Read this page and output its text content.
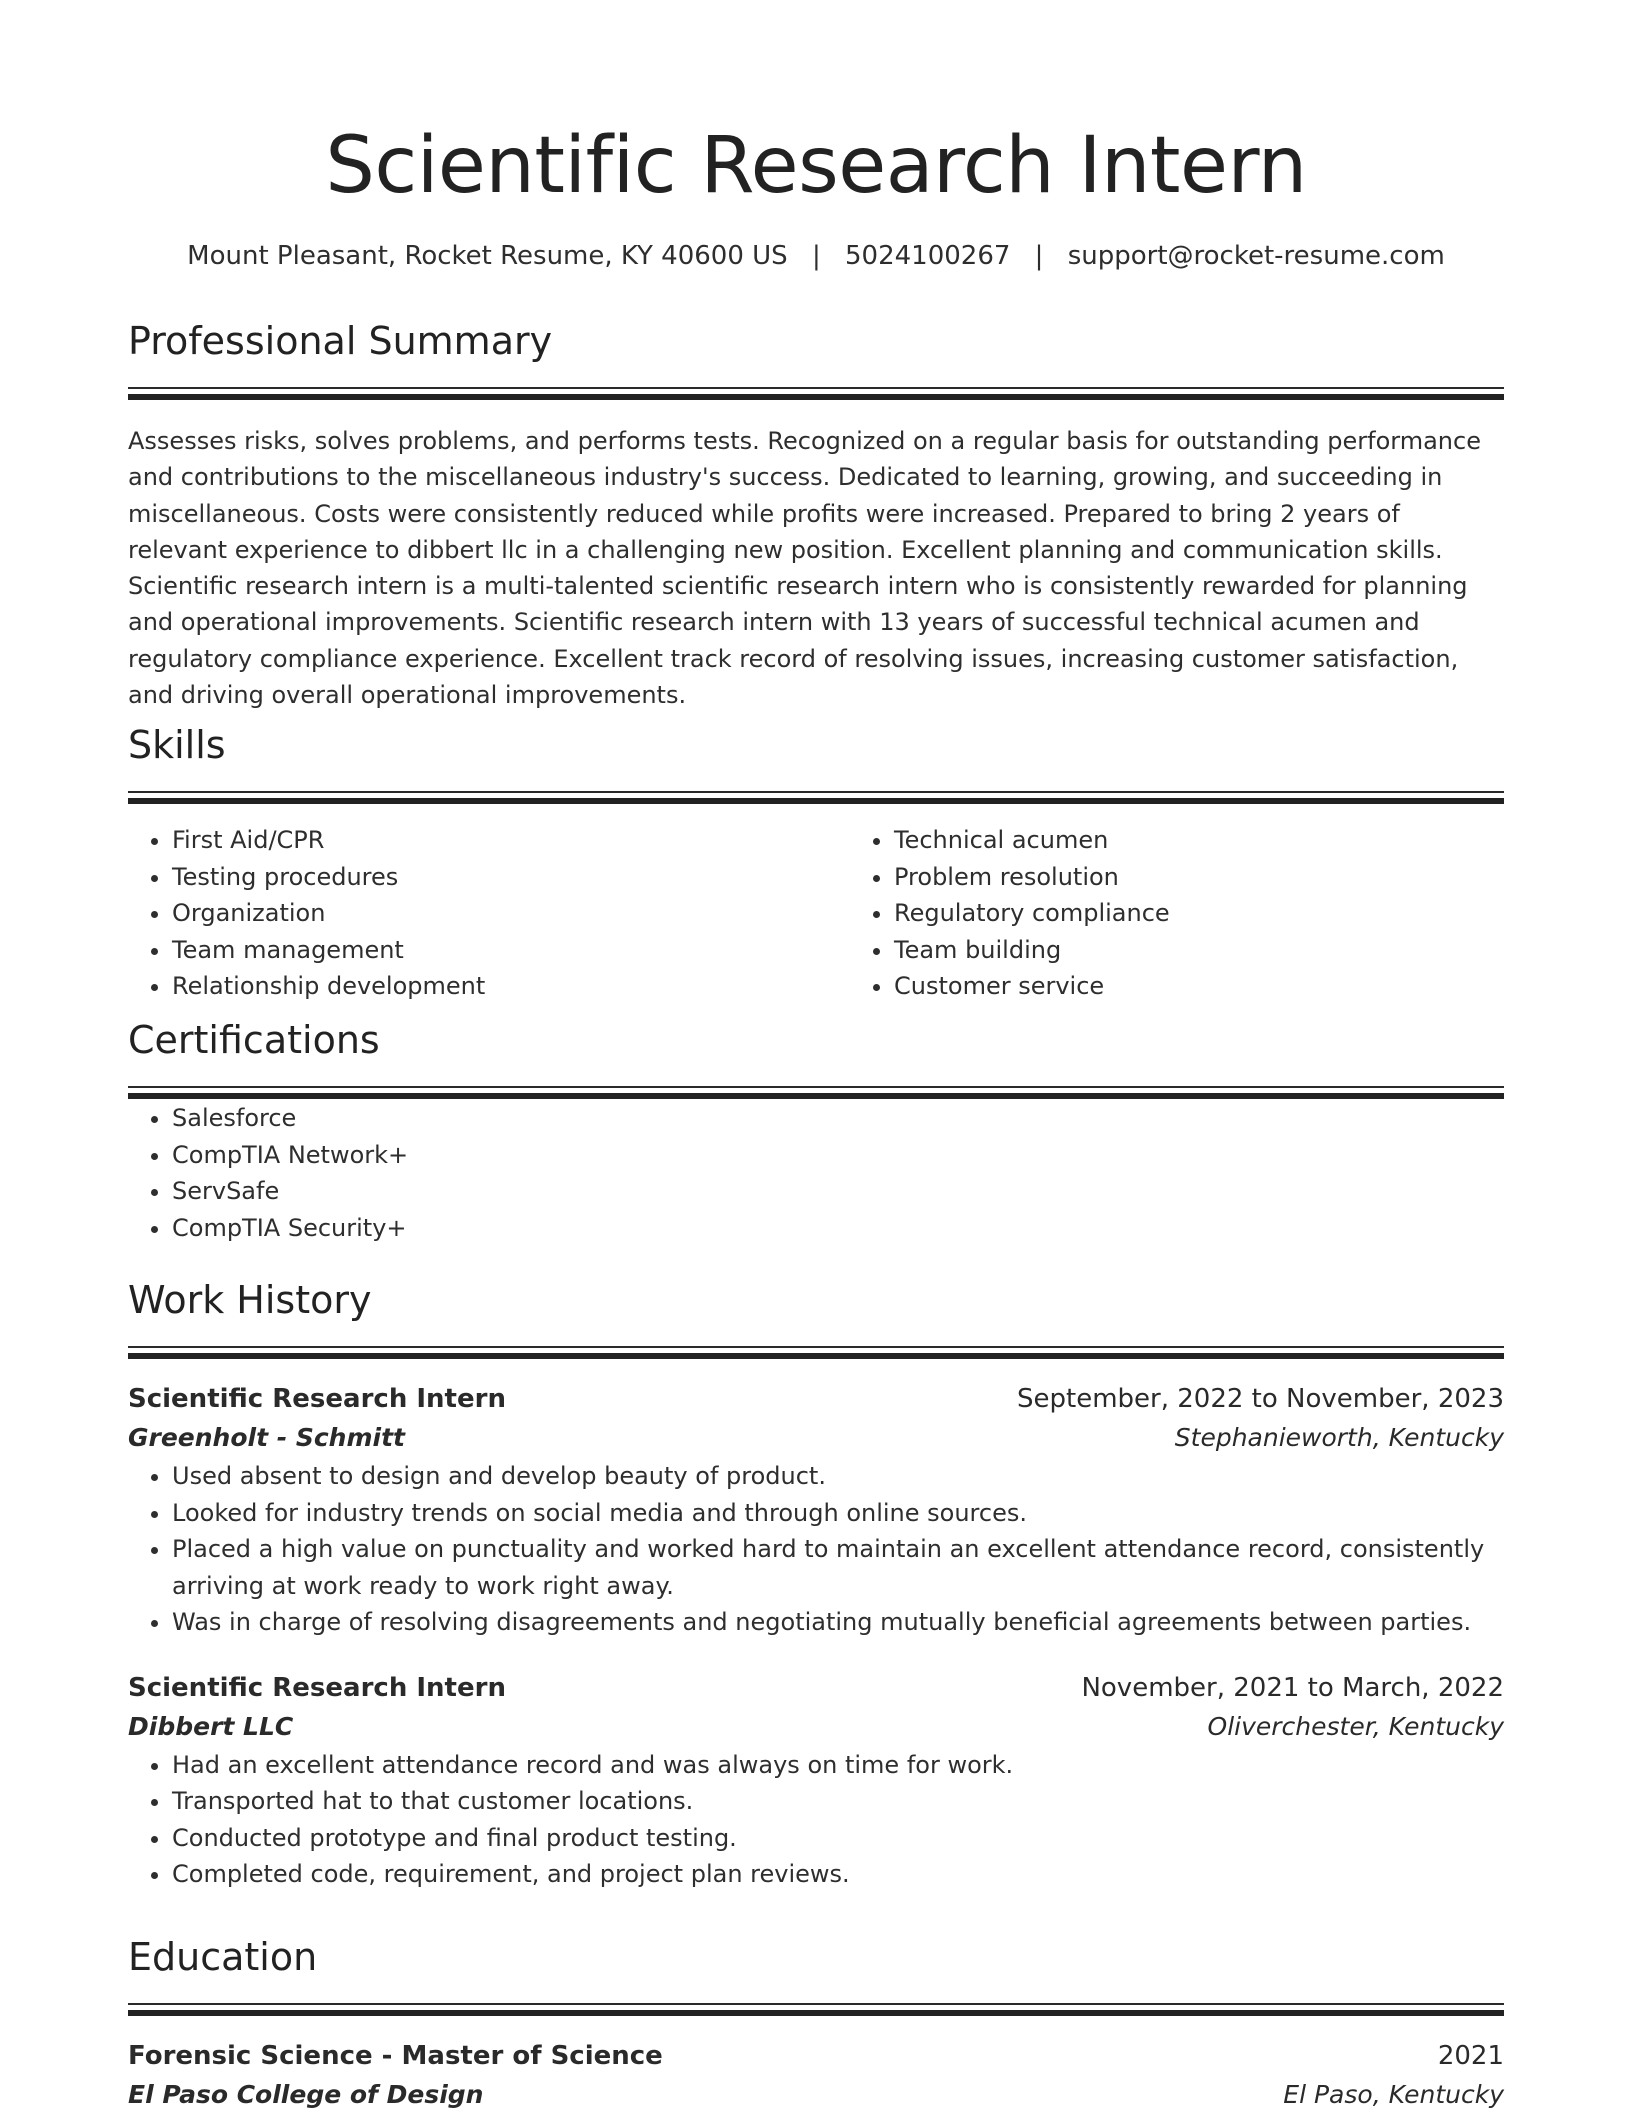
Scientific Research Intern
Mount Pleasant, Rocket Resume, KY 40600 US | 5024100267 | support@rocket-resume.com
Professional Summary

Assesses risks, solves problems, and performs tests. Recognized on a regular basis for outstanding performance and contributions to the miscellaneous industry's success. Dedicated to learning, growing, and succeeding in miscellaneous. Costs were consistently reduced while profits were increased. Prepared to bring 2 years of relevant experience to dibbert llc in a challenging new position. Excellent planning and communication skills. Scientific research intern is a multi-talented scientific research intern who is consistently rewarded for planning and operational improvements. Scientific research intern with 13 years of successful technical acumen and regulatory compliance experience. Excellent track record of resolving issues, increasing customer satisfaction, and driving overall operational improvements.

Skills
• First Aid/CPR
• Testing procedures
• Organization
• Team management
• Relationship development
• Technical acumen
• Problem resolution
• Regulatory compliance
• Team building
• Customer service
Certifications
• Salesforce
• CompTIA Network+
• ServSafe
• CompTIA Security+
Work History
Scientific Research Intern	September, 2022 to November, 2023
Greenholt - Schmitt	Stephanieworth, Kentucky
• Used absent to design and develop beauty of product.
• Looked for industry trends on social media and through online sources.
• Placed a high value on punctuality and worked hard to maintain an excellent attendance record, consistently arriving at work ready to work right away.
• Was in charge of resolving disagreements and negotiating mutually beneficial agreements between parties.
Scientific Research Intern	November, 2021 to March, 2022
Dibbert LLC	Oliverchester, Kentucky
• Had an excellent attendance record and was always on time for work.
• Transported hat to that customer locations.
• Conducted prototype and final product testing.
• Completed code, requirement, and project plan reviews.
Education
Forensic Science - Master of Science	2021
El Paso College of Design	El Paso, Kentucky
